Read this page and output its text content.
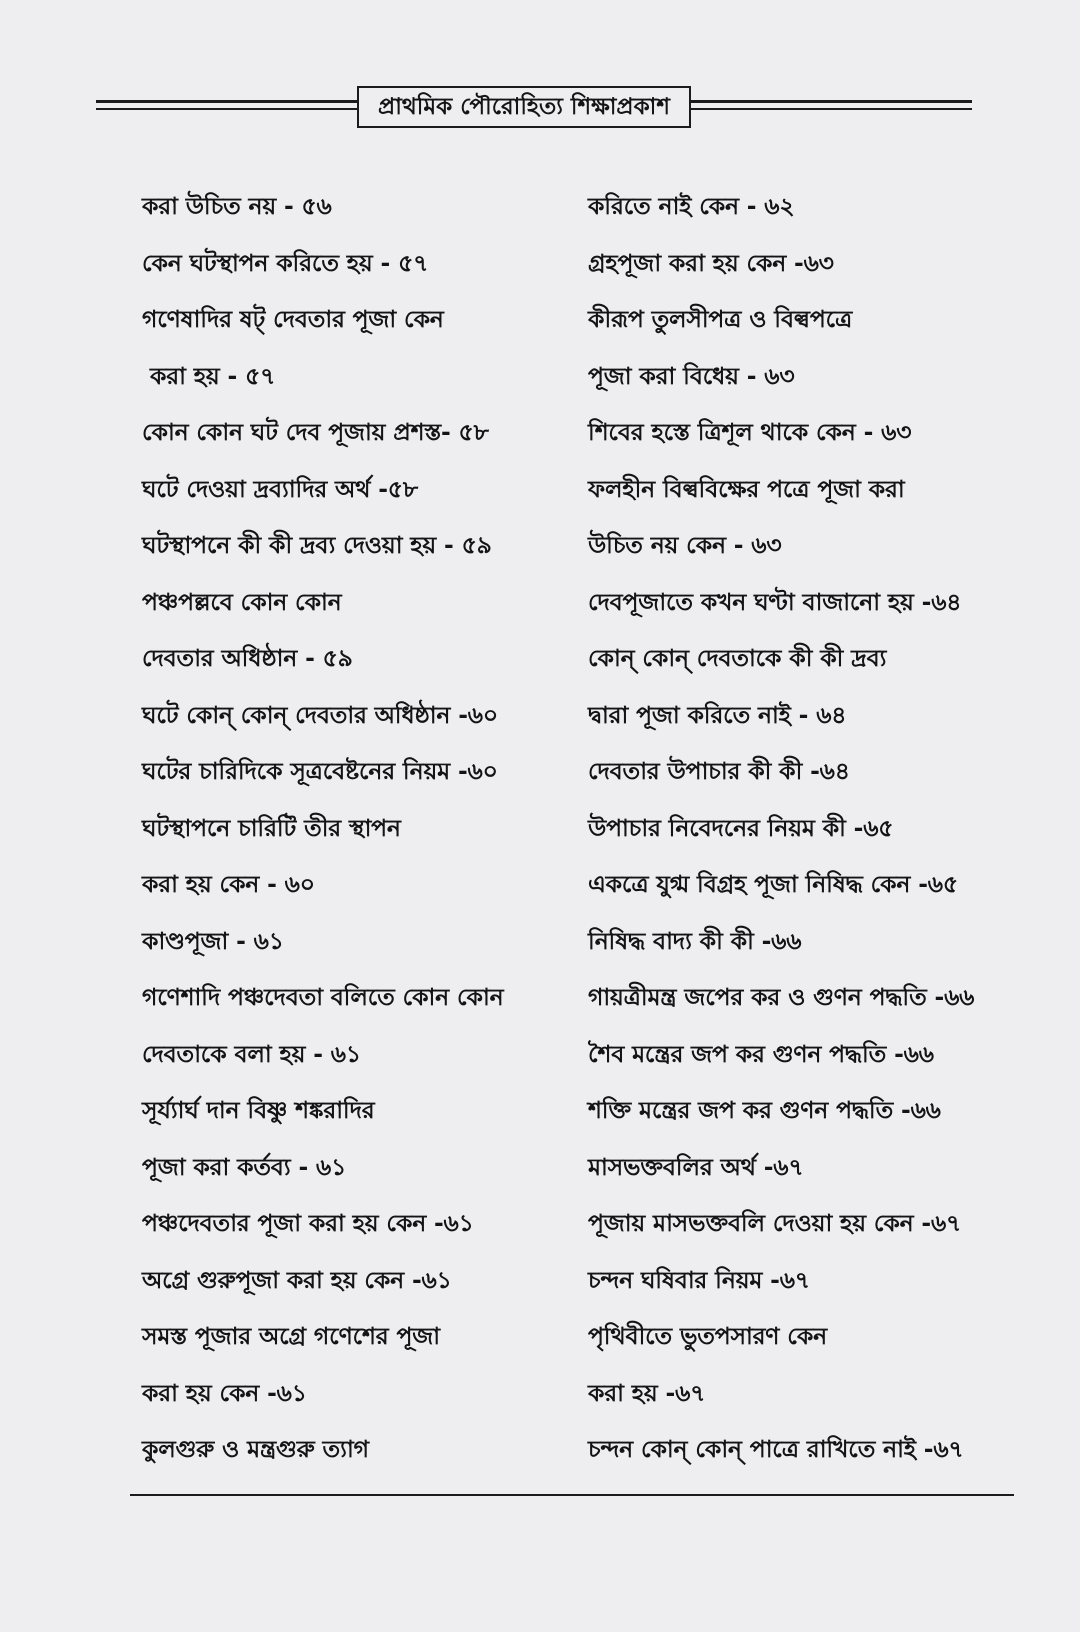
প্রাথমিক পৌরোহিত্য শিক্ষাপ্রকাশ
করা উচিত নয় - ৫৬
কেন ঘটস্থাপন করিতে হয় - ৫৭
গণেষাদির ষট্ দেবতার পূজা কেন
করা হয় - ৫৭
কোন কোন ঘট দেব পূজায় প্রশস্ত- ৫৮
ঘটে দেওয়া দ্রব্যাদির অর্থ -৫৮
ঘটস্থাপনে কী কী দ্রব্য দেওয়া হয় - ৫৯
পঞ্চপল্লবে কোন কোন
দেবতার অধিষ্ঠান - ৫৯
ঘটে কোন্ কোন্ দেবতার অধিষ্ঠান -৬০
ঘটের চারিদিকে সূত্রবেষ্টনের নিয়ম -৬০
ঘটস্থাপনে চারিটি তীর স্থাপন
করা হয় কেন - ৬০
কাণ্ডপূজা - ৬১
গণেশাদি পঞ্চদেবতা বলিতে কোন কোন
দেবতাকে বলা হয় - ৬১
সূর্য্যার্ঘ দান বিষ্ণু শঙ্করাদির
পূজা করা কর্তব্য - ৬১
পঞ্চদেবতার পূজা করা হয় কেন -৬১
অগ্রে গুরুপূজা করা হয় কেন -৬১
সমস্ত পূজার অগ্রে গণেশের পূজা
করা হয় কেন -৬১
কুলগুরু ও মন্ত্রগুরু ত্যাগ
করিতে নাই কেন - ৬২
গ্রহপূজা করা হয় কেন -৬৩
কীরূপ তুলসীপত্র ও বিল্বপত্রে
পূজা করা বিধেয় - ৬৩
শিবের হস্তে ত্রিশূল থাকে কেন - ৬৩
ফলহীন বিল্ববিক্ষের পত্রে পূজা করা
উচিত নয় কেন - ৬৩
দেবপূজাতে কখন ঘণ্টা বাজানো হয় -৬৪
কোন্ কোন্ দেবতাকে কী কী দ্রব্য
দ্বারা পূজা করিতে নাই - ৬৪
দেবতার উপাচার কী কী -৬৪
উপাচার নিবেদনের নিয়ম কী -৬৫
একত্রে যুগ্ম বিগ্রহ পূজা নিষিদ্ধ কেন -৬৫
নিষিদ্ধ বাদ্য কী কী -৬৬
গায়ত্রীমন্ত্র জপের কর ও গুণন পদ্ধতি -৬৬
শৈব মন্ত্রের জপ কর গুণন পদ্ধতি -৬৬
শক্তি মন্ত্রের জপ কর গুণন পদ্ধতি -৬৬
মাসভক্তবলির অর্থ -৬৭
পূজায় মাসভক্তবলি দেওয়া হয় কেন -৬৭
চন্দন ঘষিবার নিয়ম -৬৭
পৃথিবীতে ভুতপসারণ কেন
করা হয় -৬৭
চন্দন কোন্ কোন্ পাত্রে রাখিতে নাই -৬৭
